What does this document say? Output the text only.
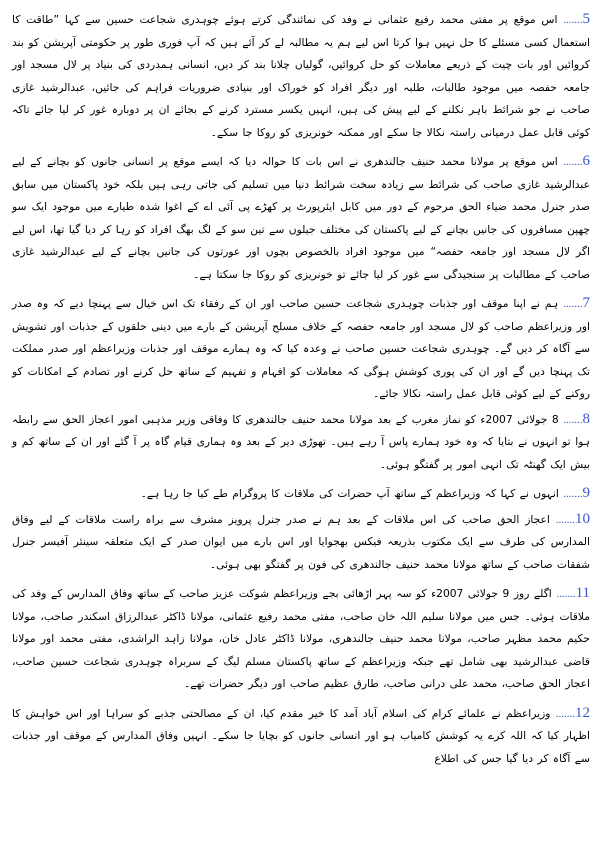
5....... اس موقع پر مفتی محمد رفیع عثمانی نے وفد کی نمائندگی کرتے ہوئے چوہدری شجاعت حسین سے کہا ”طاقت کا استعمال کسی مسئلے کا حل نہیں ہوا کرتا اس لیے ہم یہ مطالبہ لے کر آئے ہیں کہ آپ فوری طور پر حکومتی آپریشن کو بند کروائیں اور بات چیت کے ذریعے معاملات کو حل کروائیں، گولیاں چلانا بند کر دیں، انسانی ہمدردی کی بنیاد پر لال مسجد اور جامعہ حفصہ میں موجود طالبات، طلبہ اور دیگر افراد کو خوراک اور بنیادی ضروریات فراہم کی جائیں، عبدالرشید غازی صاحب نے جو شرائط باہر نکلنے کے لیے پیش کی ہیں، انہیں یکسر مسترد کرنے کے بجائے ان پر دوبارہ غور کر لیا جائے تاکہ کوئی قابل عمل درمیانی راستہ نکالا جا سکے اور ممکنہ خونریزی کو روکا جا سکے۔

6....... اس موقع پر مولانا محمد حنیف جالندھری نے اس بات کا حوالہ دیا کہ ایسے موقع پر انسانی جانوں کو بچانے کے لیے عبدالرشید غازی صاحب کی شرائط سے زیادہ سخت شرائط دنیا میں تسلیم کی جاتی رہی ہیں بلکہ خود پاکستان میں سابق صدر جنرل محمد ضیاء الحق مرحوم کے دور میں کابل ایئرپورٹ پر کھڑے پی آئی اے کے اغوا شدہ طیارے میں موجود ایک سو چھپن مسافروں کی جانیں بچانے کے لیے پاکستان کی مختلف جیلوں سے تین سو کے لگ بھگ افراد کو رہا کر دیا گیا تھا، اس لیے اگر لال مسجد اور جامعہ حفصہ“ میں موجود افراد بالخصوص بچوں اور عورتوں کی جانیں بچانے کے لیے عبدالرشید غازی صاحب کے مطالبات پر سنجیدگی سے غور کر لیا جائے تو خونریزی کو روکا جا سکتا ہے۔

7....... ہم نے اپنا موقف اور جذبات چوہدری شجاعت حسین صاحب اور ان کے رفقاء تک اس خیال سے پہنچا دیے کہ وہ صدر اور وزیراعظم صاحب کو لال مسجد اور جامعہ حفصہ کے خلاف مسلح آپریشن کے بارے میں دینی حلقوں کے جذبات اور تشویش سے آگاہ کر دیں گے۔ چوہدری شجاعت حسین صاحب نے وعدہ کیا کہ وہ ہمارے موقف اور جذبات وزیراعظم اور صدر مملکت تک پہنچا دیں گے اور ان کی پوری کوشش ہوگی کہ معاملات کو افہام و تفہیم کے ساتھ حل کرنے اور تصادم کے امکانات کو روکنے کے لیے کوئی قابل عمل راستہ نکالا جائے۔

8....... 8 جولائی 2007ء کو نماز مغرب کے بعد مولانا محمد حنیف جالندھری کا وفاقی وزیر مذہبی امور اعجاز الحق سے رابطہ ہوا تو انہوں نے بتایا کہ وہ خود ہمارے پاس آ رہے ہیں۔ تھوڑی دیر کے بعد وہ ہماری قیام گاہ پر آ گئے اور ان کے ساتھ کم و بیش ایک گھنٹہ تک انہی امور پر گفتگو ہوئی۔

9....... انہوں نے کہا کہ وزیراعظم کے ساتھ آپ حضرات کی ملاقات کا پروگرام طے کیا جا رہا ہے۔

10....... اعجاز الحق صاحب کی اس ملاقات کے بعد ہم نے صدر جنرل پرویز مشرف سے براہ راست ملاقات کے لیے وفاق المدارس کی طرف سے ایک مکتوب بذریعہ فیکس بھجوایا اور اس بارے میں ایوان صدر کے ایک متعلقہ سینئر آفیسر جنرل شفقات صاحب کے ساتھ مولانا محمد حنیف جالندھری کی فون پر گفتگو بھی ہوئی۔

11....... اگلے روز 9 جولائی 2007ء کو سہ پہر اڑھائی بجے وزیراعظم شوکت عزیز صاحب کے ساتھ وفاق المدارس کے وفد کی ملاقات ہوئی۔ جس میں مولانا سلیم اللہ خان صاحب، مفتی محمد رفیع عثمانی، مولانا ڈاکٹر عبدالرزاق اسکندر صاحب، مولانا حکیم محمد مظہر صاحب، مولانا محمد حنیف جالندھری، مولانا ڈاکٹر عادل خان، مولانا زاہد الراشدی، مفتی محمد اور مولانا قاضی عبدالرشید بھی شامل تھے جبکہ وزیراعظم کے ساتھ پاکستان مسلم لیگ کے سربراہ چوہدری شجاعت حسین صاحب، اعجاز الحق صاحب، محمد علی درانی صاحب، طارق عظیم صاحب اور دیگر حضرات تھے۔

12....... وزیراعظم نے علمائے کرام کی اسلام آباد آمد کا خیر مقدم کیا، ان کے مصالحتی جذبے کو سراہا اور اس خواہش کا اظہار کیا کہ اللہ کرے یہ کوشش کامیاب ہو اور انسانی جانوں کو بچایا جا سکے۔ انہیں وفاق المدارس کے موقف اور جذبات سے آگاہ کر دیا گیا جس کی اطلاع
